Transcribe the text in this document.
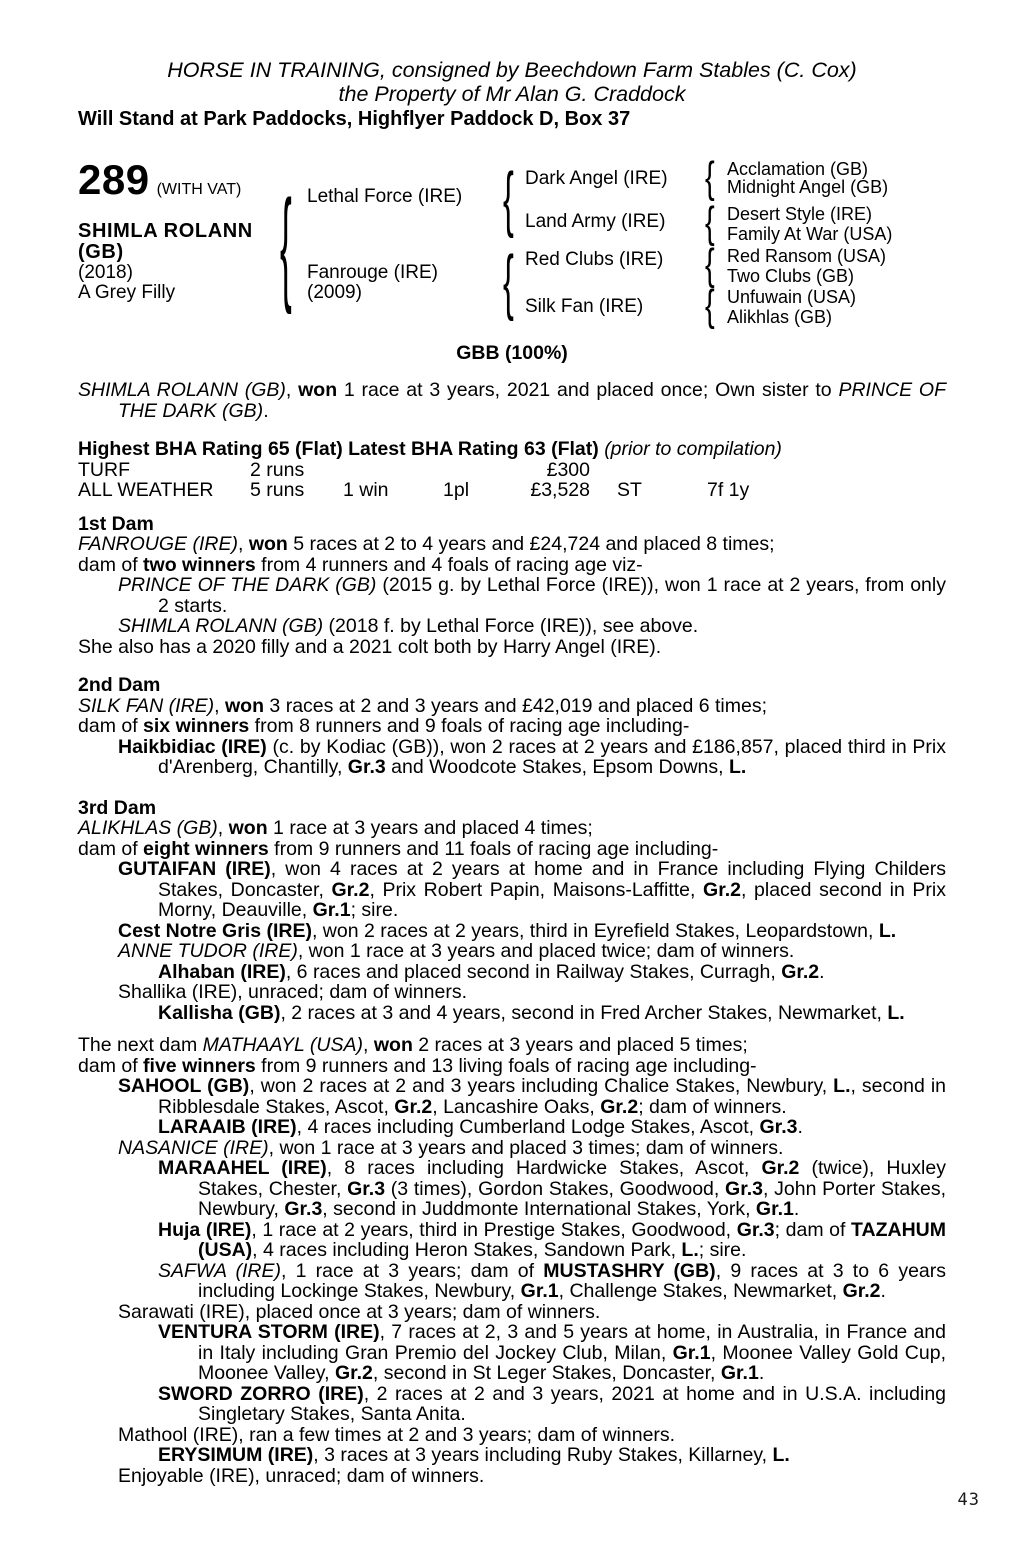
HORSE IN TRAINING, consigned by Beechdown Farm Stables (C. Cox)
the Property of Mr Alan G. Craddock
Will Stand at Park Paddocks, Highflyer Paddock D, Box 37
289 (WITH VAT)
SHIMLA ROLANN
(GB)
(2018)
A Grey Filly { Lethal Force (IRE)
Fanrouge (IRE)
(2009)
{
{
Dark Angel (IRE)
Land Army (IRE)
Red Clubs (IRE)
Silk Fan (IRE)
{
{
{
{
Acclamation (GB)
Midnight Angel (GB)
Desert Style (IRE)
Family At War (USA)
Red Ransom (USA)
Two Clubs (GB)
Unfuwain (USA)
Alikhlas (GB)
GBB (100%)
SHIMLA ROLANN (GB), won 1 race at 3 years, 2021 and placed once; Own sister to PRINCE OF THE DARK (GB).
Highest BHA Rating 65 (Flat) Latest BHA Rating 63 (Flat) (prior to compilation)
TURF	2 runs	£300
ALL WEATHER	5 runs	1 win	1pl	£3,528	ST	7f 1y
1st Dam
FANROUGE (IRE), won 5 races at 2 to 4 years and £24,724 and placed 8 times;
dam of two winners from 4 runners and 4 foals of racing age viz-
PRINCE OF THE DARK (GB) (2015 g. by Lethal Force (IRE)), won 1 race at 2 years, from only 2 starts.
SHIMLA ROLANN (GB) (2018 f. by Lethal Force (IRE)), see above.
She also has a 2020 filly and a 2021 colt both by Harry Angel (IRE).
2nd Dam
SILK FAN (IRE), won 3 races at 2 and 3 years and £42,019 and placed 6 times;
dam of six winners from 8 runners and 9 foals of racing age including-
Haikbidiac (IRE) (c. by Kodiac (GB)), won 2 races at 2 years and £186,857, placed third in Prix d'Arenberg, Chantilly, Gr.3 and Woodcote Stakes, Epsom Downs, L.
3rd Dam
ALIKHLAS (GB), won 1 race at 3 years and placed 4 times;
dam of eight winners from 9 runners and 11 foals of racing age including-
GUTAIFAN (IRE), won 4 races at 2 years at home and in France including Flying Childers Stakes, Doncaster, Gr.2, Prix Robert Papin, Maisons-Laffitte, Gr.2, placed second in Prix Morny, Deauville, Gr.1; sire.
Cest Notre Gris (IRE), won 2 races at 2 years, third in Eyrefield Stakes, Leopardstown, L.
ANNE TUDOR (IRE), won 1 race at 3 years and placed twice; dam of winners.
Alhaban (IRE), 6 races and placed second in Railway Stakes, Curragh, Gr.2.
Shallika (IRE), unraced; dam of winners.
Kallisha (GB), 2 races at 3 and 4 years, second in Fred Archer Stakes, Newmarket, L.
The next dam MATHAAYL (USA), won 2 races at 3 years and placed 5 times;
dam of five winners from 9 runners and 13 living foals of racing age including-
SAHOOL (GB), won 2 races at 2 and 3 years including Chalice Stakes, Newbury, L., second in Ribblesdale Stakes, Ascot, Gr.2, Lancashire Oaks, Gr.2; dam of winners.
LARAAIB (IRE), 4 races including Cumberland Lodge Stakes, Ascot, Gr.3.
NASANICE (IRE), won 1 race at 3 years and placed 3 times; dam of winners.
MARAAHEL (IRE), 8 races including Hardwicke Stakes, Ascot, Gr.2 (twice), Huxley Stakes, Chester, Gr.3 (3 times), Gordon Stakes, Goodwood, Gr.3, John Porter Stakes, Newbury, Gr.3, second in Juddmonte International Stakes, York, Gr.1.
Huja (IRE), 1 race at 2 years, third in Prestige Stakes, Goodwood, Gr.3; dam of TAZAHUM (USA), 4 races including Heron Stakes, Sandown Park, L.; sire.
SAFWA (IRE), 1 race at 3 years; dam of MUSTASHRY (GB), 9 races at 3 to 6 years including Lockinge Stakes, Newbury, Gr.1, Challenge Stakes, Newmarket, Gr.2.
Sarawati (IRE), placed once at 3 years; dam of winners.
VENTURA STORM (IRE), 7 races at 2, 3 and 5 years at home, in Australia, in France and in Italy including Gran Premio del Jockey Club, Milan, Gr.1, Moonee Valley Gold Cup, Moonee Valley, Gr.2, second in St Leger Stakes, Doncaster, Gr.1.
SWORD ZORRO (IRE), 2 races at 2 and 3 years, 2021 at home and in U.S.A. including Singletary Stakes, Santa Anita.
Mathool (IRE), ran a few times at 2 and 3 years; dam of winners.
ERYSIMUM (IRE), 3 races at 3 years including Ruby Stakes, Killarney, L.
Enjoyable (IRE), unraced; dam of winners.
43
